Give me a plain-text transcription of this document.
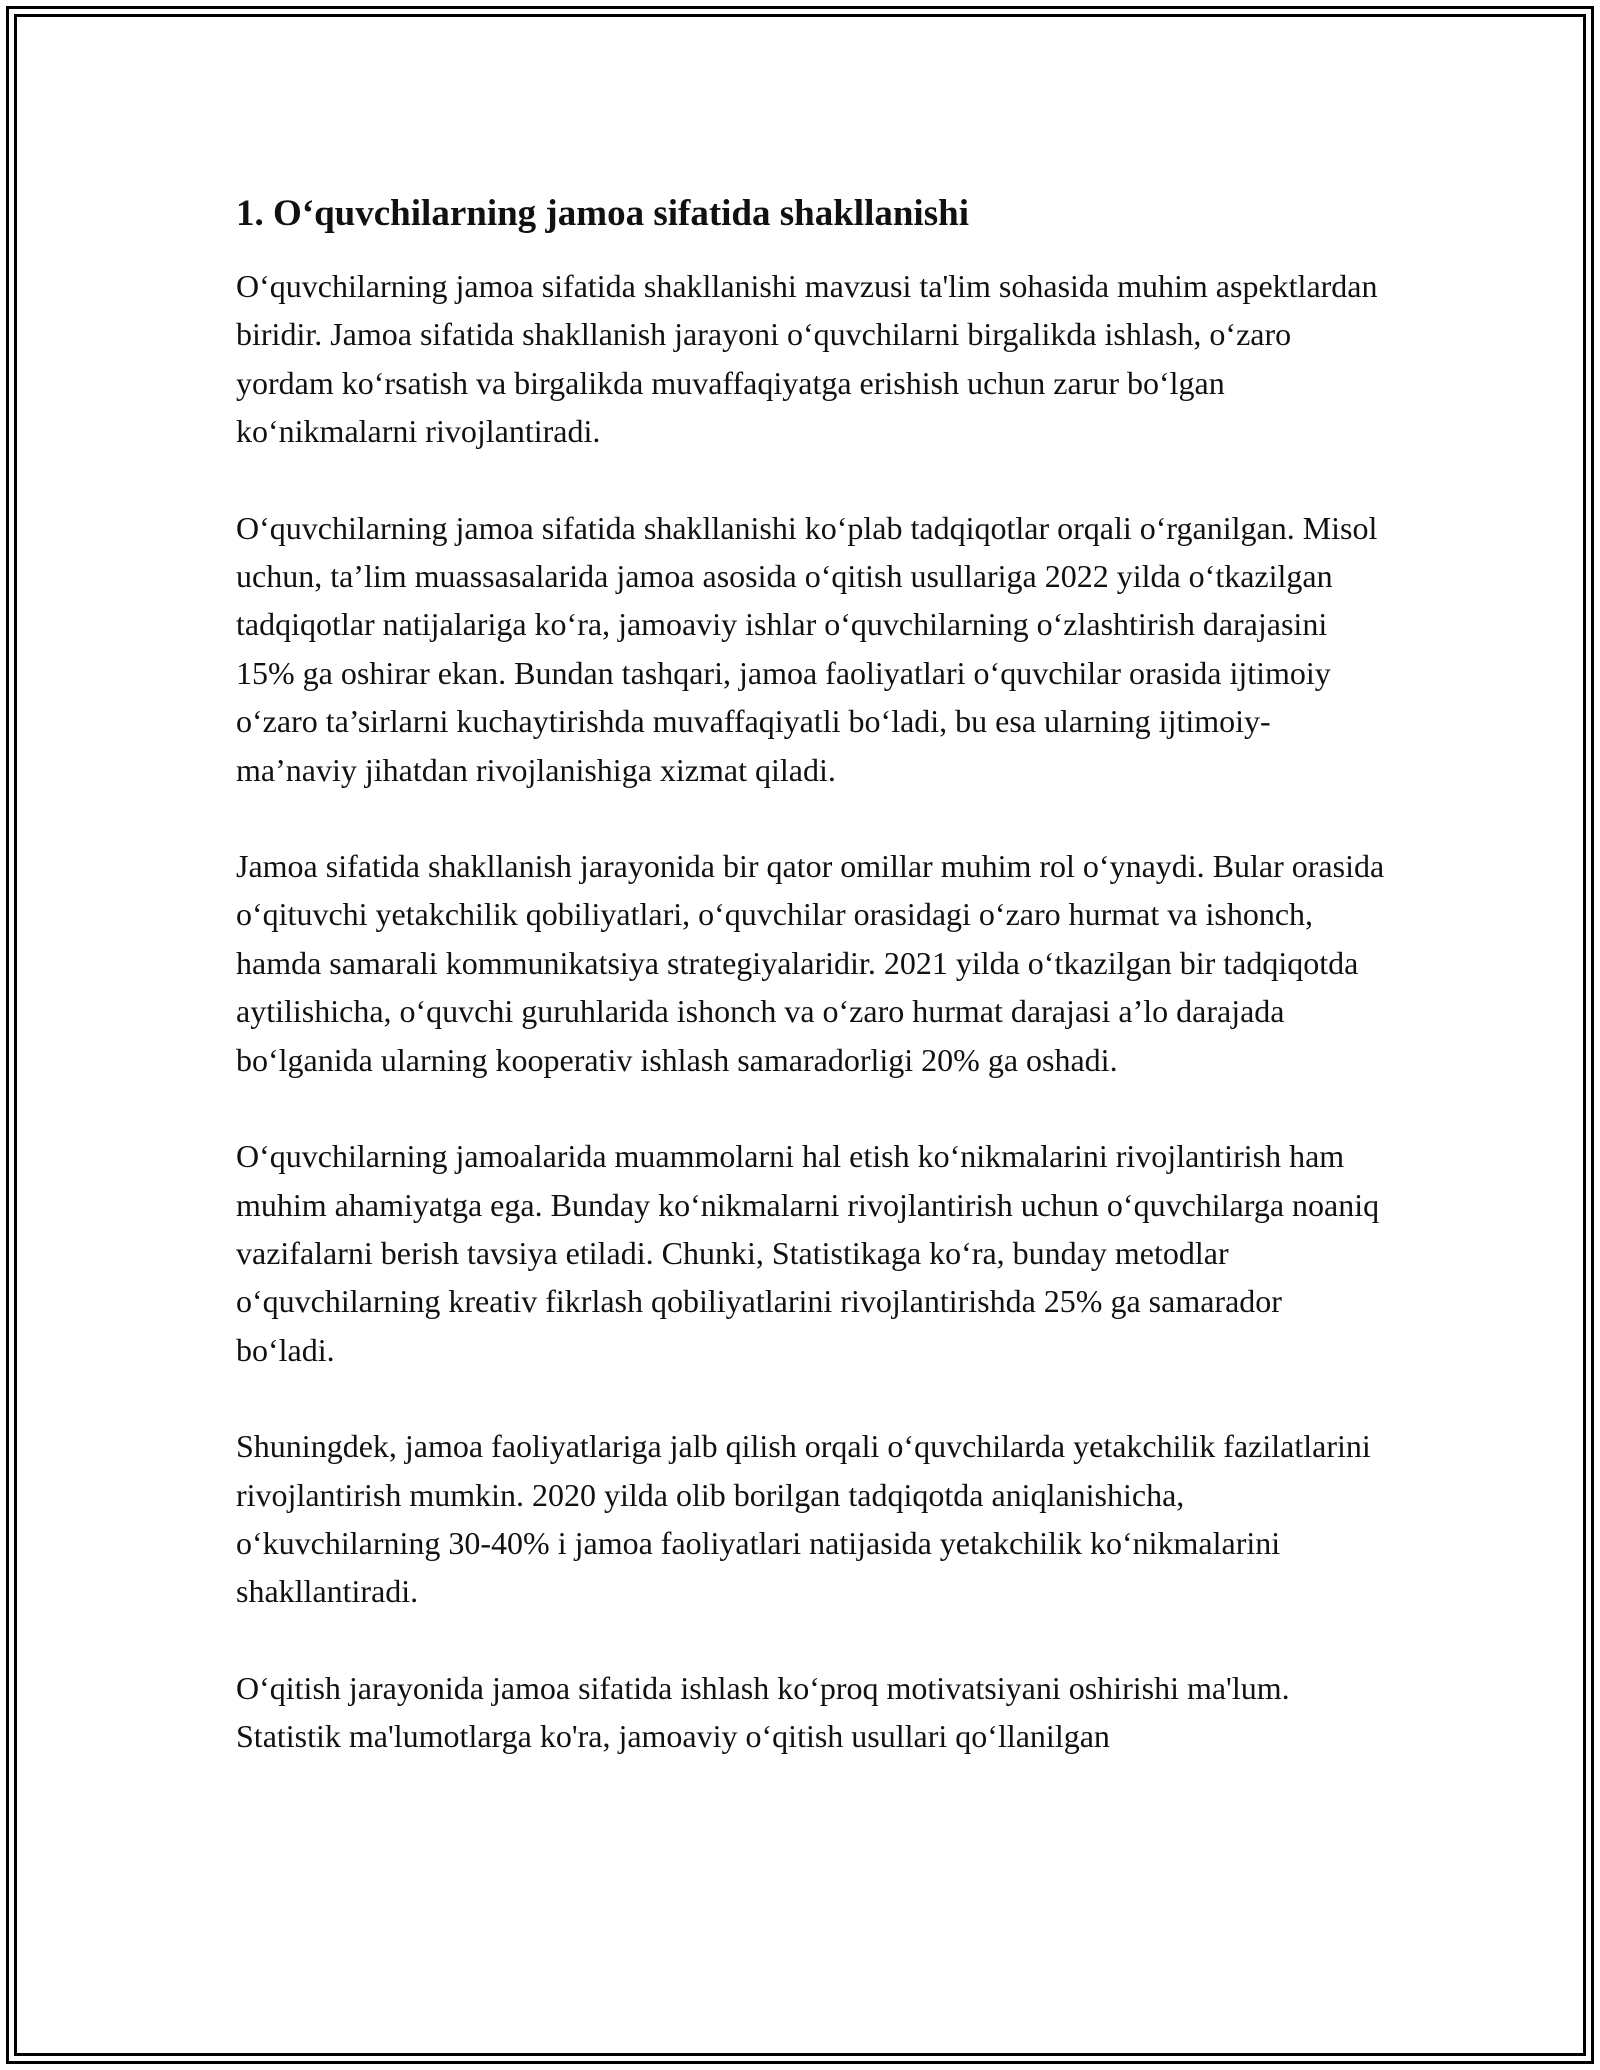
1. O‘quvchilarning jamoa sifatida shakllanishi

O‘quvchilarning jamoa sifatida shakllanishi mavzusi ta'lim sohasida muhim aspektlardan biridir. Jamoa sifatida shakllanish jarayoni o‘quvchilarni birgalikda ishlash, o‘zaro yordam ko‘rsatish va birgalikda muvaffaqiyatga erishish uchun zarur bo‘lgan ko‘nikmalarni rivojlantiradi.

O‘quvchilarning jamoa sifatida shakllanishi ko‘plab tadqiqotlar orqali o‘rganilgan. Misol uchun, ta’lim muassasalarida jamoa asosida o‘qitish usullariga 2022 yilda o‘tkazilgan tadqiqotlar natijalariga ko‘ra, jamoaviy ishlar o‘quvchilarning o‘zlashtirish darajasini 15% ga oshirar ekan. Bundan tashqari, jamoa faoliyatlari o‘quvchilar orasida ijtimoiy o‘zaro ta’sirlarni kuchaytirishda muvaffaqiyatli bo‘ladi, bu esa ularning ijtimoiy-ma’naviy jihatdan rivojlanishiga xizmat qiladi.

Jamoa sifatida shakllanish jarayonida bir qator omillar muhim rol o‘ynaydi. Bular orasida o‘qituvchi yetakchilik qobiliyatlari, o‘quvchilar orasidagi o‘zaro hurmat va ishonch, hamda samarali kommunikatsiya strategiyalaridir. 2021 yilda o‘tkazilgan bir tadqiqotda aytilishicha, o‘quvchi guruhlarida ishonch va o‘zaro hurmat darajasi a’lo darajada bo‘lganida ularning kooperativ ishlash samaradorligi 20% ga oshadi.

O‘quvchilarning jamoalarida muammolarni hal etish ko‘nikmalarini rivojlantirish ham muhim ahamiyatga ega. Bunday ko‘nikmalarni rivojlantirish uchun o‘quvchilarga noaniq vazifalarni berish tavsiya etiladi. Chunki, Statistikaga ko‘ra, bunday metodlar o‘quvchilarning kreativ fikrlash qobiliyatlarini rivojlantirishda 25% ga samarador bo‘ladi.

Shuningdek, jamoa faoliyatlariga jalb qilish orqali o‘quvchilarda yetakchilik fazilatlarini rivojlantirish mumkin. 2020 yilda olib borilgan tadqiqotda aniqlanishicha, o‘kuvchilarning 30-40% i jamoa faoliyatlari natijasida yetakchilik ko‘nikmalarini shakllantiradi.

O‘qitish jarayonida jamoa sifatida ishlash ko‘proq motivatsiyani oshirishi ma'lum. Statistik ma'lumotlarga ko'ra, jamoaviy o‘qitish usullari qo‘llanilgan
